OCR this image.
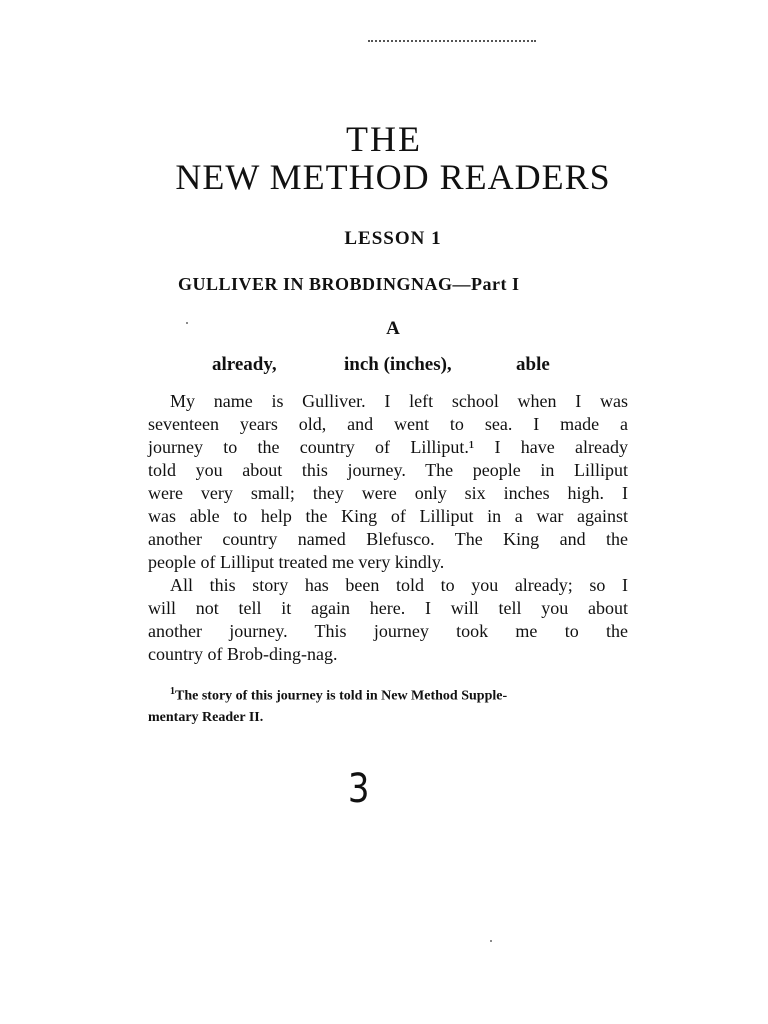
THE
NEW METHOD READERS
LESSON 1
GULLIVER IN BROBDINGNAG—Part I
A
already,	inch (inches),	able
My name is Gulliver. I left school when I was
seventeen years old, and went to sea. I made a
journey to the country of Lilliput.¹ I have already
told you about this journey. The people in Lilliput
were very small; they were only six inches high. I
was able to help the King of Lilliput in a war against
another country named Blefusco. The King and the
people of Lilliput treated me very kindly.
All this story has been told to you already; so I
will not tell it again here. I will tell you about
another journey. This journey took me to the
country of Brob-ding-nag.
$^1$The story of this journey is told in New Method Supple-
mentary Reader II.
3
